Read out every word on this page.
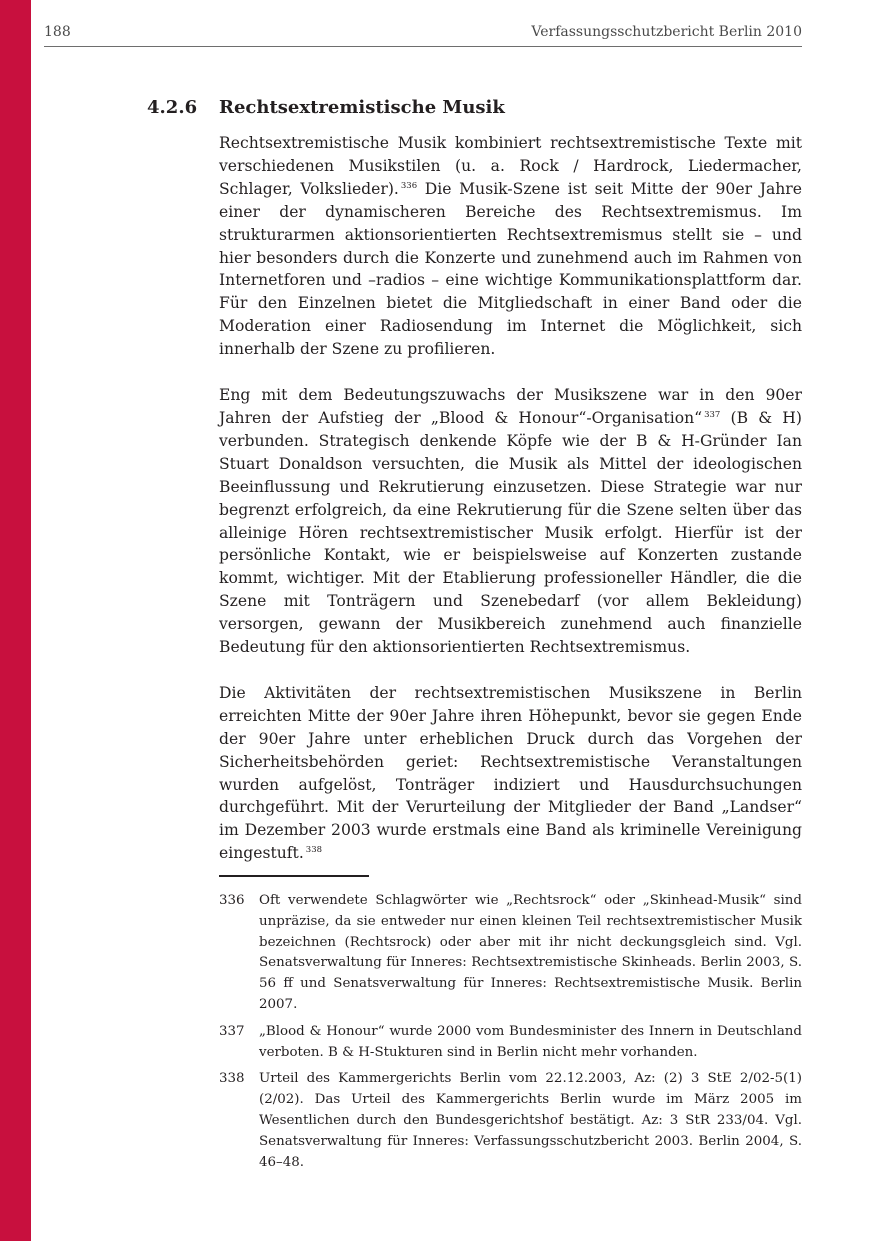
188	Verfassungsschutzbericht Berlin 2010
4.2.6 Rechtsextremistische Musik

Rechtsextremistische Musik kombiniert rechtsextremistische Texte mit verschiedenen Musikstilen (u. a. Rock / Hardrock, Liedermacher, Schlager, Volkslieder). $^{336}$ Die Musik-Szene ist seit Mitte der 90er Jahre einer der dynamischeren Bereiche des Rechtsextremismus. Im strukturarmen aktionsorientierten Rechtsextremismus stellt sie – und hier besonders durch die Konzerte und zunehmend auch im Rahmen von Internetforen und –radios – eine wichtige Kommunikationsplattform dar. Für den Einzelnen bietet die Mitgliedschaft in einer Band oder die Moderation einer Radiosendung im Internet die Möglichkeit, sich innerhalb der Szene zu profilieren.

Eng mit dem Bedeutungszuwachs der Musikszene war in den 90er Jahren der Aufstieg der „Blood & Honour“-Organisation“ $^{337}$ (B & H) verbunden. Strategisch denkende Köpfe wie der B & H-Gründer Ian Stuart Donaldson versuchten, die Musik als Mittel der ideologischen Beeinflussung und Rekrutierung einzusetzen. Diese Strategie war nur begrenzt erfolgreich, da eine Rekrutierung für die Szene selten über das alleinige Hören rechtsextremistischer Musik erfolgt. Hierfür ist der persönliche Kontakt, wie er beispielsweise auf Konzerten zustande kommt, wichtiger. Mit der Etablierung professioneller Händler, die die Szene mit Tonträgern und Szenebedarf (vor allem Bekleidung) versorgen, gewann der Musikbereich zunehmend auch finanzielle Bedeutung für den aktionsorientierten Rechtsextremismus.

Die Aktivitäten der rechtsextremistischen Musikszene in Berlin erreichten Mitte der 90er Jahre ihren Höhepunkt, bevor sie gegen Ende der 90er Jahre unter erheblichen Druck durch das Vorgehen der Sicherheitsbehörden geriet: Rechtsextremistische Veranstaltungen wurden aufgelöst, Tonträger indiziert und Hausdurchsuchungen durchgeführt. Mit der Verurteilung der Mitglieder der Band „Landser“ im Dezember 2003 wurde erstmals eine Band als kriminelle Vereinigung eingestuft. $^{338}$

336	Oft verwendete Schlagwörter wie „Rechtsrock“ oder „Skinhead-Musik“ sind unpräzise, da sie entweder nur einen kleinen Teil rechtsextremistischer Musik bezeichnen (Rechtsrock) oder aber mit ihr nicht deckungsgleich sind. Vgl. Senatsverwaltung für Inneres: Rechtsextremistische Skinheads. Berlin 2003, S. 56 ff und Senatsverwaltung für Inneres: Rechtsextremistische Musik. Berlin 2007.
337	„Blood & Honour“ wurde 2000 vom Bundesminister des Innern in Deutschland verboten. B & H-Stukturen sind in Berlin nicht mehr vorhanden.
338	Urteil des Kammergerichts Berlin vom 22.12.2003, Az: (2) 3 StE 2/02-5(1) (2/02). Das Urteil des Kammergerichts Berlin wurde im März 2005 im Wesentlichen durch den Bundesgerichtshof bestätigt. Az: 3 StR 233/04. Vgl. Senatsverwaltung für Inneres: Verfassungsschutzbericht 2003. Berlin 2004, S. 46–48.
